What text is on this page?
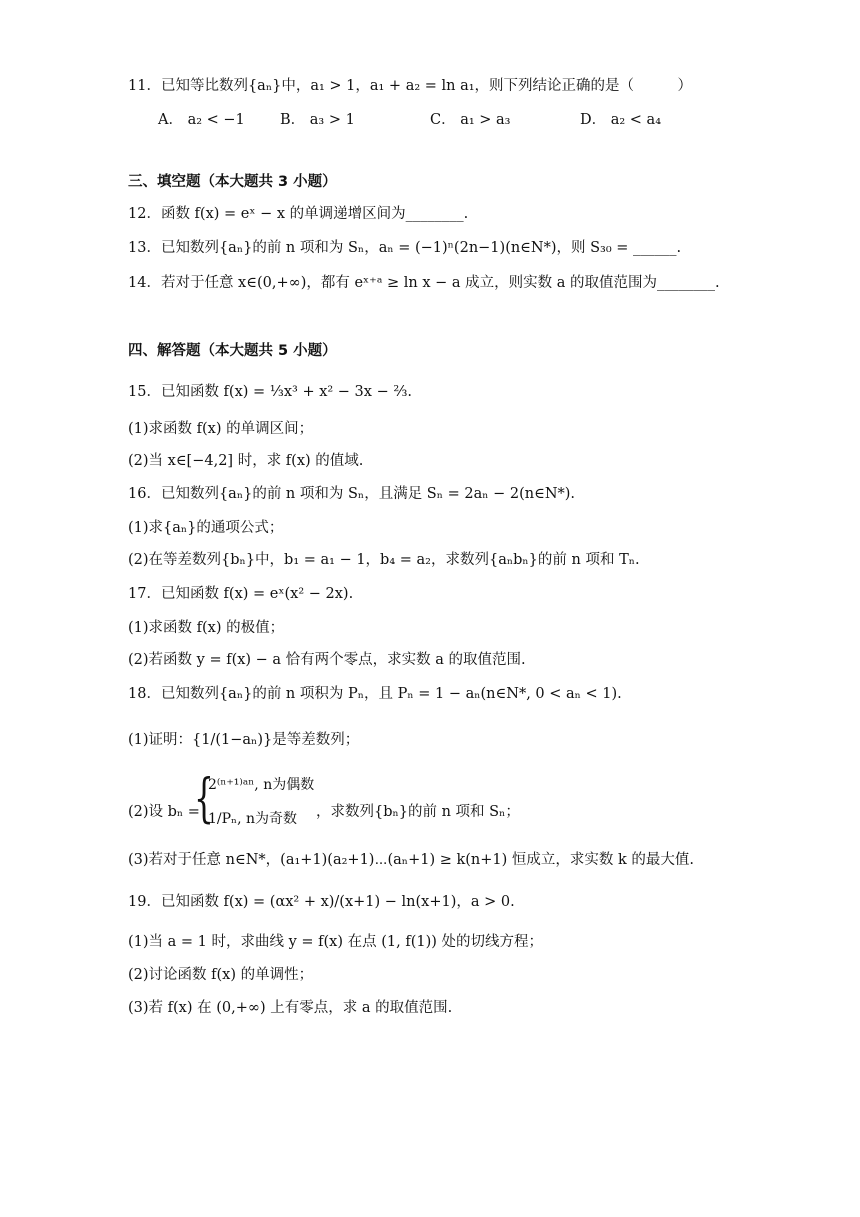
11．已知等比数列{aₙ}中，a₁ > 1，a₁ + a₂ = ln a₁，则下列结论正确的是（　　　）
A． a₂ < −1 B． a₃ > 1	C． a₁ > a₃	D． a₂ < a₄
三、填空题（本大题共 3 小题）
12．函数 f(x) = eˣ − x 的单调递增区间为________.
13．已知数列{aₙ}的前 n 项和为 Sₙ，aₙ = (−1)ⁿ(2n−1)(n∈N*)，则 S₃₀ = ______.
14．若对于任意 x∈(0,+∞)，都有 eˣ⁺ᵃ ≥ ln x − a 成立，则实数 a 的取值范围为________.
四、解答题（本大题共 5 小题）
15．已知函数 f(x) = ⅓x³ + x² − 3x − ⅔.
(1)求函数 f(x) 的单调区间；
(2)当 x∈[−4,2] 时，求 f(x) 的值域.
16．已知数列{aₙ}的前 n 项和为 Sₙ，且满足 Sₙ = 2aₙ − 2(n∈N*).
(1)求{aₙ}的通项公式；
(2)在等差数列{bₙ}中，b₁ = a₁ − 1，b₄ = a₂，求数列{aₙbₙ}的前 n 项和 Tₙ.
17．已知函数 f(x) = eˣ(x² − 2x).
(1)求函数 f(x) 的极值；
(2)若函数 y = f(x) − a 恰有两个零点，求实数 a 的取值范围.
18．已知数列{aₙ}的前 n 项积为 Pₙ，且 Pₙ = 1 − aₙ(n∈N*, 0 < aₙ < 1).
(1)证明：{1/(1−aₙ)}是等差数列；
(2)设 bₙ =
{
2⁽ⁿ⁺¹⁾ᵃⁿ, n为偶数
1/Pₙ, n为奇数 ，求数列{bₙ}的前 n 项和 Sₙ；
(3)若对于任意 n∈N*，(a₁+1)(a₂+1)⋯(aₙ+1) ≥ k(n+1) 恒成立，求实数 k 的最大值.
19．已知函数 f(x) = (αx² + x)/(x+1) − ln(x+1)，a > 0.
(1)当 a = 1 时，求曲线 y = f(x) 在点 (1, f(1)) 处的切线方程；
(2)讨论函数 f(x) 的单调性；
(3)若 f(x) 在 (0,+∞) 上有零点，求 a 的取值范围.
